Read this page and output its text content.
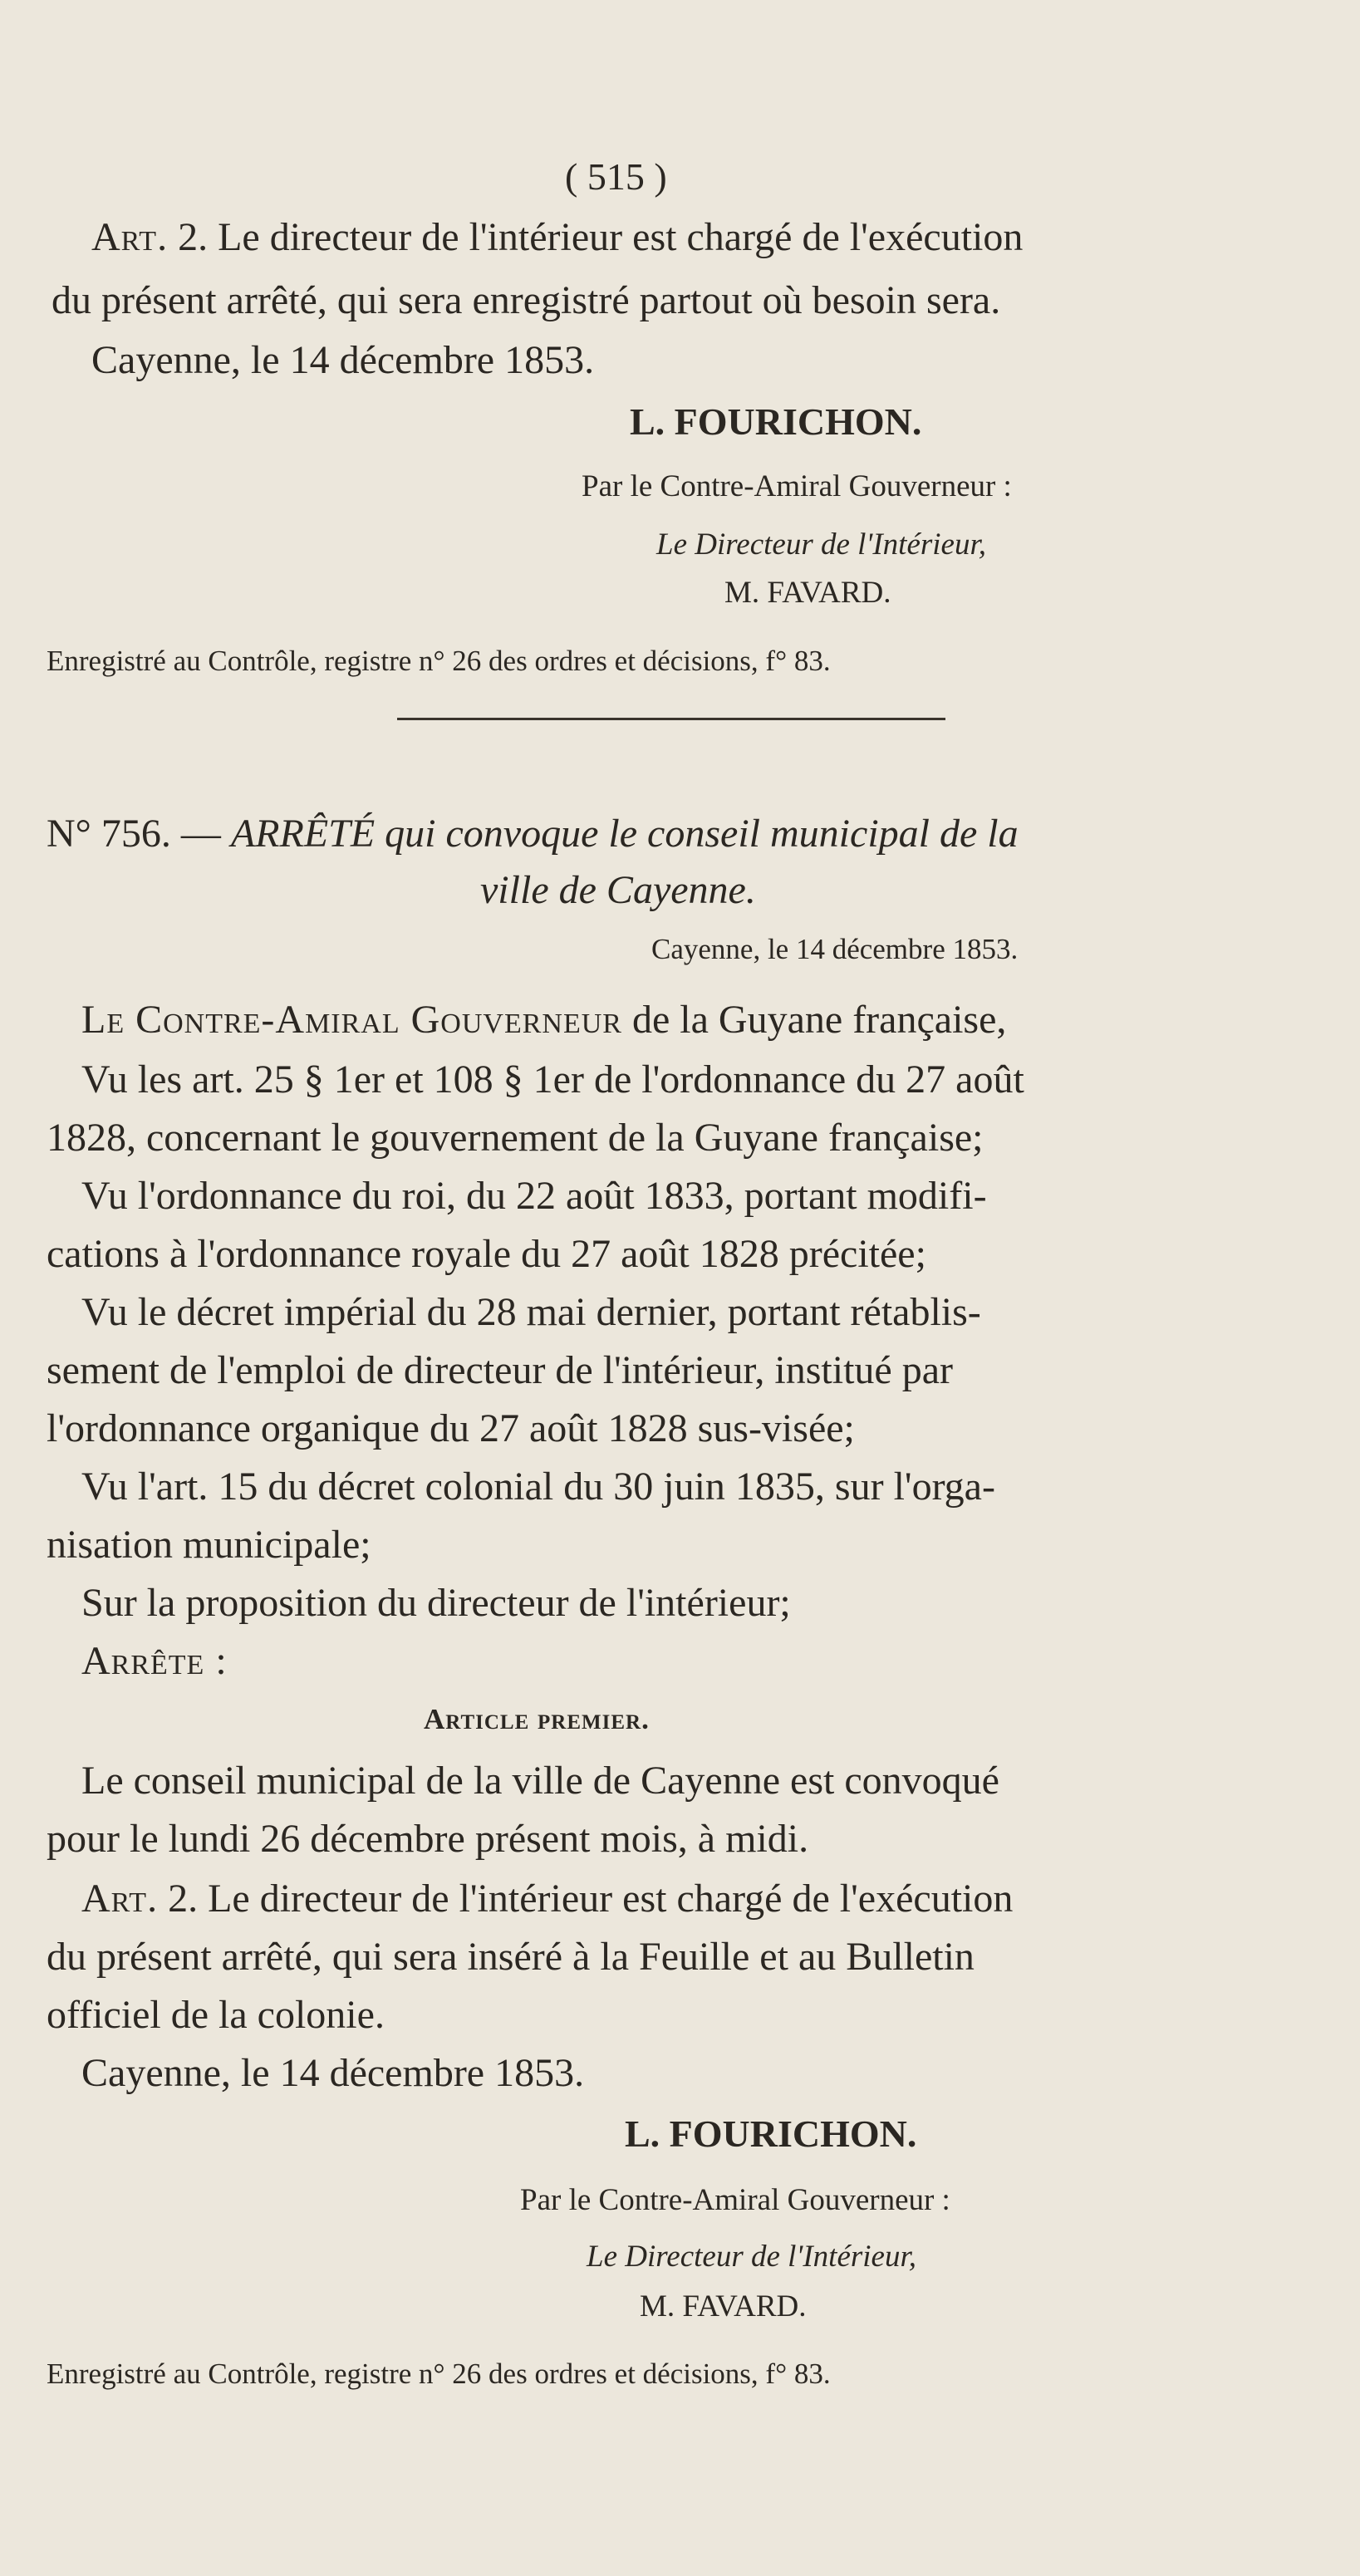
( 515 )
Art. 2. Le directeur de l'intérieur est chargé de l'exécution
du présent arrêté, qui sera enregistré partout où besoin sera.
Cayenne, le 14 décembre 1853.
L. FOURICHON.
Par le Contre-Amiral Gouverneur :
Le Directeur de l'Intérieur,
M. FAVARD.
Enregistré au Contrôle, registre n° 26 des ordres et décisions, f° 83.
N° 756. — ARRÊTÉ qui convoque le conseil municipal de la
ville de Cayenne.
Cayenne, le 14 décembre 1853.
Le Contre-Amiral Gouverneur de la Guyane française,
Vu les art. 25 § 1er et 108 § 1er de l'ordonnance du 27 août
1828, concernant le gouvernement de la Guyane française;
Vu l'ordonnance du roi, du 22 août 1833, portant modifi-
cations à l'ordonnance royale du 27 août 1828 précitée;
Vu le décret impérial du 28 mai dernier, portant rétablis-
sement de l'emploi de directeur de l'intérieur, institué par
l'ordonnance organique du 27 août 1828 sus-visée;
Vu l'art. 15 du décret colonial du 30 juin 1835, sur l'orga-
nisation municipale;
Sur la proposition du directeur de l'intérieur;
Arrête :
Article premier.
Le conseil municipal de la ville de Cayenne est convoqué
pour le lundi 26 décembre présent mois, à midi.
Art. 2. Le directeur de l'intérieur est chargé de l'exécution
du présent arrêté, qui sera inséré à la Feuille et au Bulletin
officiel de la colonie.
Cayenne, le 14 décembre 1853.
L. FOURICHON.
Par le Contre-Amiral Gouverneur :
Le Directeur de l'Intérieur,
M. FAVARD.
Enregistré au Contrôle, registre n° 26 des ordres et décisions, f° 83.
